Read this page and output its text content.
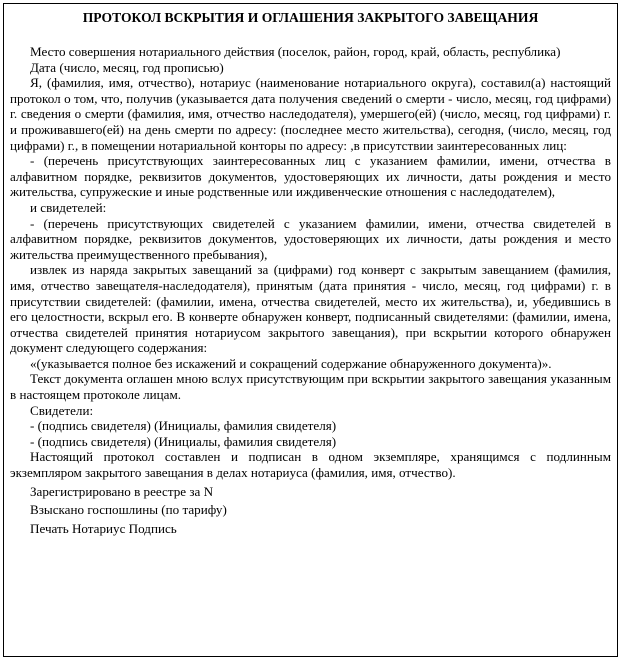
ПРОТОКОЛ ВСКРЫТИЯ И ОГЛАШЕНИЯ ЗАКРЫТОГО ЗАВЕЩАНИЯ

Место совершения нотариального действия (поселок, район, город, край, область, республика)

Дата (число, месяц, год прописью)

Я, (фамилия, имя, отчество), нотариус (наименование нотариального округа), составил(а) настоящий протокол о том, что, получив (указывается дата получения сведений о смерти - число, месяц, год цифрами) г. сведения о смерти (фамилия, имя, отчество наследодателя), умершего(ей) (число, месяц, год цифрами) г. и проживавшего(ей) на день смерти по адресу: (последнее место жительства), сегодня, (число, месяц, год цифрами) г., в помещении нотариальной конторы по адресу: ,в присутствии заинтересованных лиц:

- (перечень присутствующих заинтересованных лиц с указанием фамилии, имени, отчества в алфавитном порядке, реквизитов документов, удостоверяющих их личности, даты рождения и место жительства, супружеские и иные родственные или иждивенческие отношения с наследодателем),

и свидетелей:

- (перечень присутствующих свидетелей с указанием фамилии, имени, отчества свидетелей в алфавитном порядке, реквизитов документов, удостоверяющих их личности, даты рождения и место жительства преимущественного пребывания),

извлек из наряда закрытых завещаний за (цифрами) год конверт с закрытым завещанием (фамилия, имя, отчество завещателя-наследодателя), принятым (дата принятия - число, месяц, год цифрами) г. в присутствии свидетелей: (фамилии, имена, отчества свидетелей, место их жительства), и, убедившись в его целостности, вскрыл его. В конверте обнаружен конверт, подписанный свидетелями: (фамилии, имена, отчества свидетелей принятия нотариусом закрытого завещания), при вскрытии которого обнаружен документ следующего содержания:

«(указывается полное без искажений и сокращений содержание обнаруженного документа)».

Текст документа оглашен мною вслух присутствующим при вскрытии закрытого завещания указанным в настоящем протоколе лицам.

Свидетели:

- (подпись свидетеля) (Инициалы, фамилия свидетеля)

- (подпись свидетеля) (Инициалы, фамилия свидетеля)

Настоящий протокол составлен и подписан в одном экземпляре, хранящимся с подлинным экземпляром закрытого завещания в делах нотариуса (фамилия, имя, отчество).

Зарегистрировано в реестре за N

Взыскано госпошлины (по тарифу)

Печать Нотариус Подпись
